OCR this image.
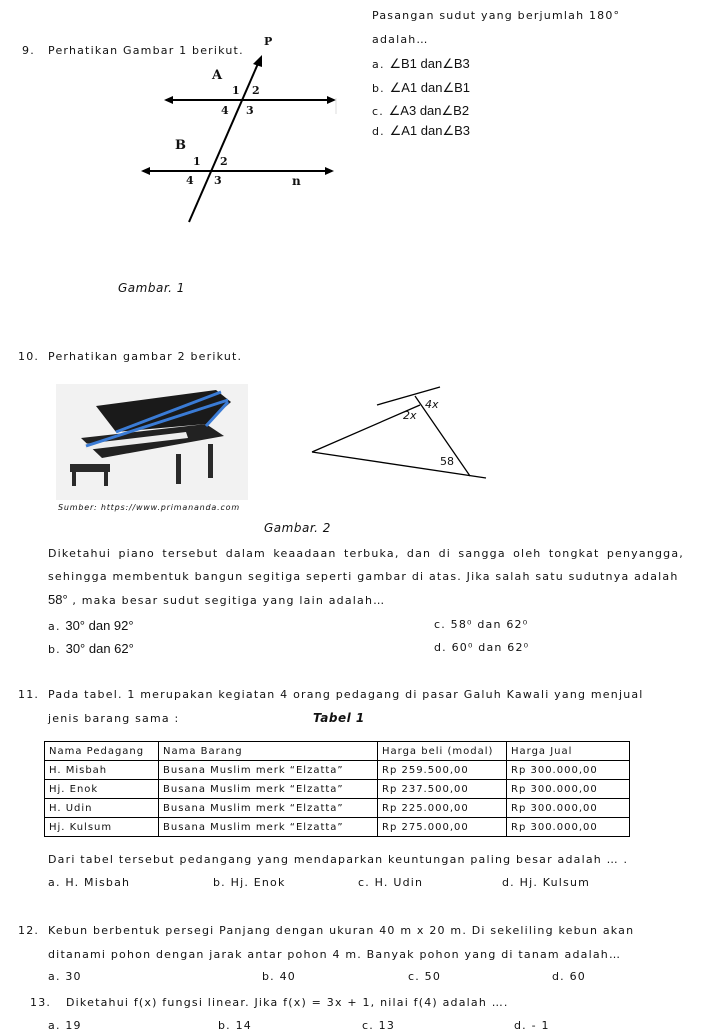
9. Perhatikan Gambar 1 berikut.
P
A
1 2
4 3
B
1 2
4 3	n
Gambar. 1
Pasangan sudut yang berjumlah 180°
adalah…
a. ∠B1 dan∠B3
b. ∠A1 dan∠B1
c. ∠A3 dan∠B2
d. ∠A1 dan∠B3
10. Perhatikan gambar 2 berikut.
Sumber: https://www.primananda.com
4x
2x
58
Gambar. 2
Diketahui piano tersebut dalam keaadaan terbuka, dan di sangga oleh tongkat penyangga, sehingga membentuk bangun segitiga seperti gambar di atas. Jika salah satu sudutnya adalah
58° , maka besar sudut segitiga yang lain adalah…
a. 30° dan 92°
b. 30° dan 62°
c. 58⁰ dan 62⁰
d. 60⁰ dan 62⁰
11. Pada tabel. 1 merupakan kegiatan 4 orang pedagang di pasar Galuh Kawali yang menjual
jenis barang sama :	Tabel 1
Nama Pedagang	Nama Barang	Harga beli (modal)	Harga Jual
H. Misbah	Busana Muslim merk “Elzatta”	Rp 259.500,00	Rp 300.000,00
Hj. Enok	Busana Muslim merk “Elzatta”	Rp 237.500,00	Rp 300.000,00
H. Udin	Busana Muslim merk “Elzatta”	Rp 225.000,00	Rp 300.000,00
Hj. Kulsum	Busana Muslim merk “Elzatta”	Rp 275.000,00	Rp 300.000,00
Dari tabel tersebut pedangang yang mendaparkan keuntungan paling besar adalah … .
a. H. Misbah	b. Hj. Enok	c. H. Udin	d. Hj. Kulsum
12. Kebun berbentuk persegi Panjang dengan ukuran 40 m x 20 m. Di sekeliling kebun akan
ditanami pohon dengan jarak antar pohon 4 m. Banyak pohon yang di tanam adalah…
a. 30	b. 40	c. 50	d. 60
13. Diketahui f(x) fungsi linear. Jika f(x) = 3x + 1, nilai f(4) adalah ….
a. 19	b. 14	c. 13	d. - 1
